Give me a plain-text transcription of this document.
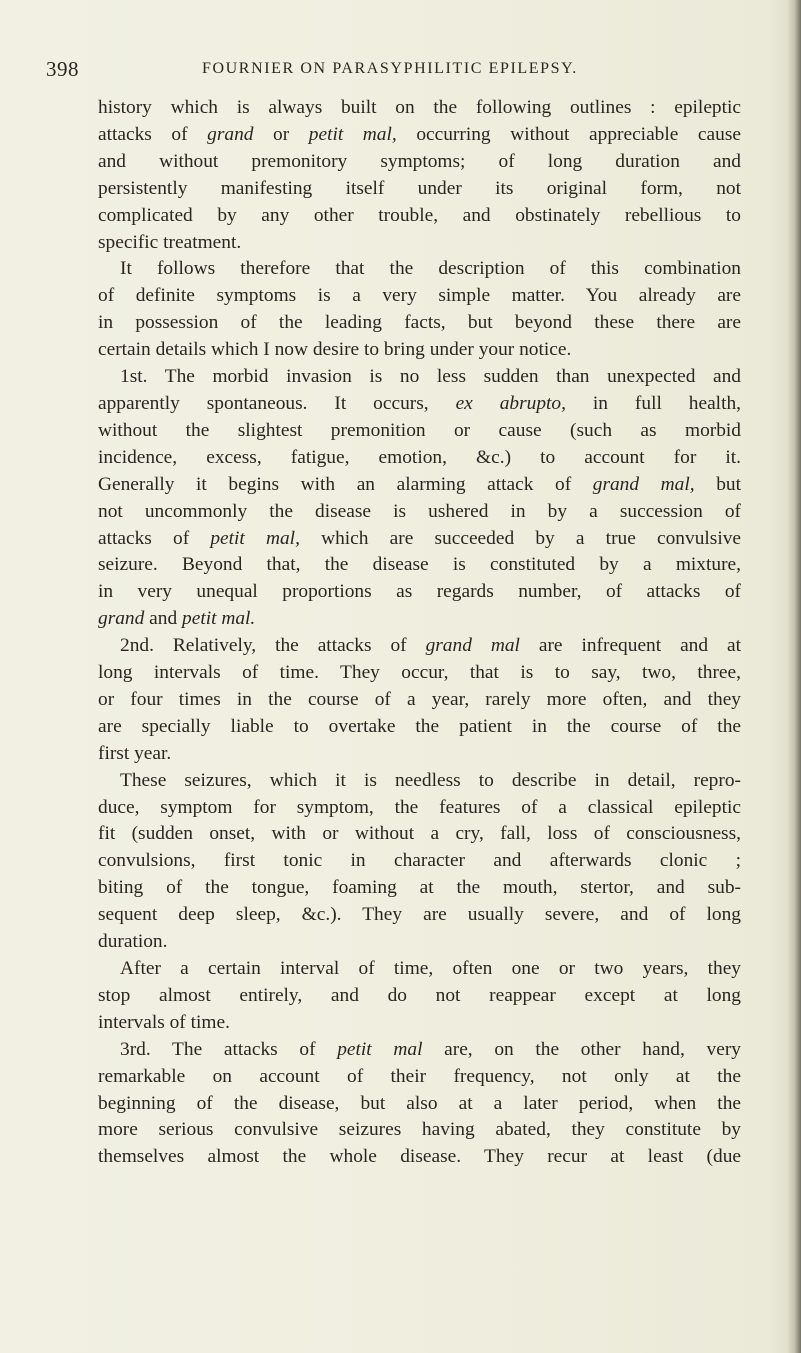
398	FOURNIER ON PARASYPHILITIC EPILEPSY.
history which is always built on the following outlines : epileptic
attacks of grand or petit mal, occurring without appreciable cause
and without premonitory symptoms; of long duration and
persistently manifesting itself under its original form, not
complicated by any other trouble, and obstinately rebellious to
specific treatment.
It follows therefore that the description of this combination
of definite symptoms is a very simple matter. You already are
in possession of the leading facts, but beyond these there are
certain details which I now desire to bring under your notice.
1st. The morbid invasion is no less sudden than unexpected and
apparently spontaneous. It occurs, ex abrupto, in full health,
without the slightest premonition or cause (such as morbid
incidence, excess, fatigue, emotion, &c.) to account for it.
Generally it begins with an alarming attack of grand mal, but
not uncommonly the disease is ushered in by a succession of
attacks of petit mal, which are succeeded by a true convulsive
seizure. Beyond that, the disease is constituted by a mixture,
in very unequal proportions as regards number, of attacks of
grand and petit mal.
2nd. Relatively, the attacks of grand mal are infrequent and at
long intervals of time. They occur, that is to say, two, three,
or four times in the course of a year, rarely more often, and they
are specially liable to overtake the patient in the course of the
first year.
These seizures, which it is needless to describe in detail, repro-
duce, symptom for symptom, the features of a classical epileptic
fit (sudden onset, with or without a cry, fall, loss of consciousness,
convulsions, first tonic in character and afterwards clonic ;
biting of the tongue, foaming at the mouth, stertor, and sub-
sequent deep sleep, &c.). They are usually severe, and of long
duration.
After a certain interval of time, often one or two years, they
stop almost entirely, and do not reappear except at long
intervals of time.
3rd. The attacks of petit mal are, on the other hand, very
remarkable on account of their frequency, not only at the
beginning of the disease, but also at a later period, when the
more serious convulsive seizures having abated, they constitute by
themselves almost the whole disease. They recur at least (due
